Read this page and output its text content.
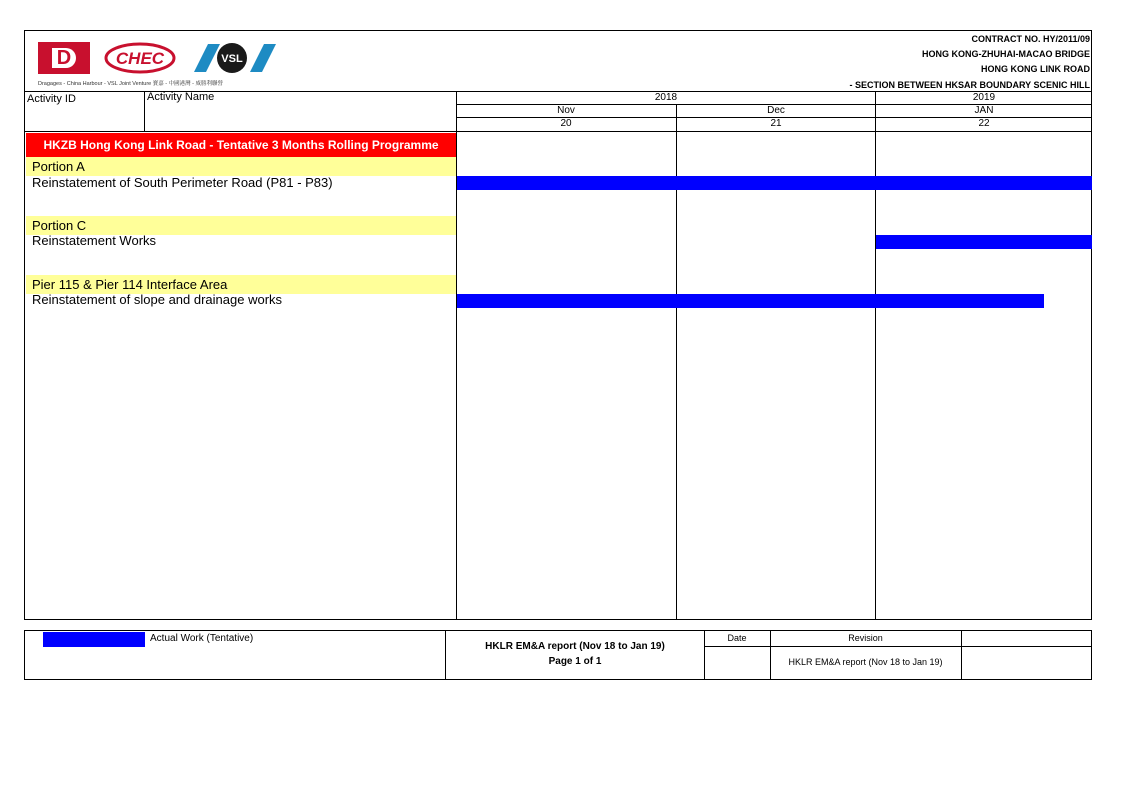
D	CHEC	VSL
Dragages - China Harbour - VSL Joint Venture 寶嘉 - 中國港灣 - 威勝利聯營
CONTRACT NO. HY/2011/09
HONG KONG-ZHUHAI-MACAO BRIDGE
HONG KONG LINK ROAD
- SECTION BETWEEN HKSAR BOUNDARY SCENIC HILL
Activity ID	Activity Name	2018	2019
Nov	Dec	JAN
20	21	22
HKZB Hong Kong Link Road - Tentative 3 Months Rolling Programme
Portion A
Reinstatement of South Perimeter Road (P81 - P83)
Portion C
Reinstatement Works
Pier 115 & Pier 114 Interface Area
Reinstatement of slope and drainage works
Actual Work (Tentative)
HKLR EM&A report (Nov 18 to Jan 19)
Page 1 of 1
Date	Revision
HKLR EM&A report (Nov 18 to Jan 19)
